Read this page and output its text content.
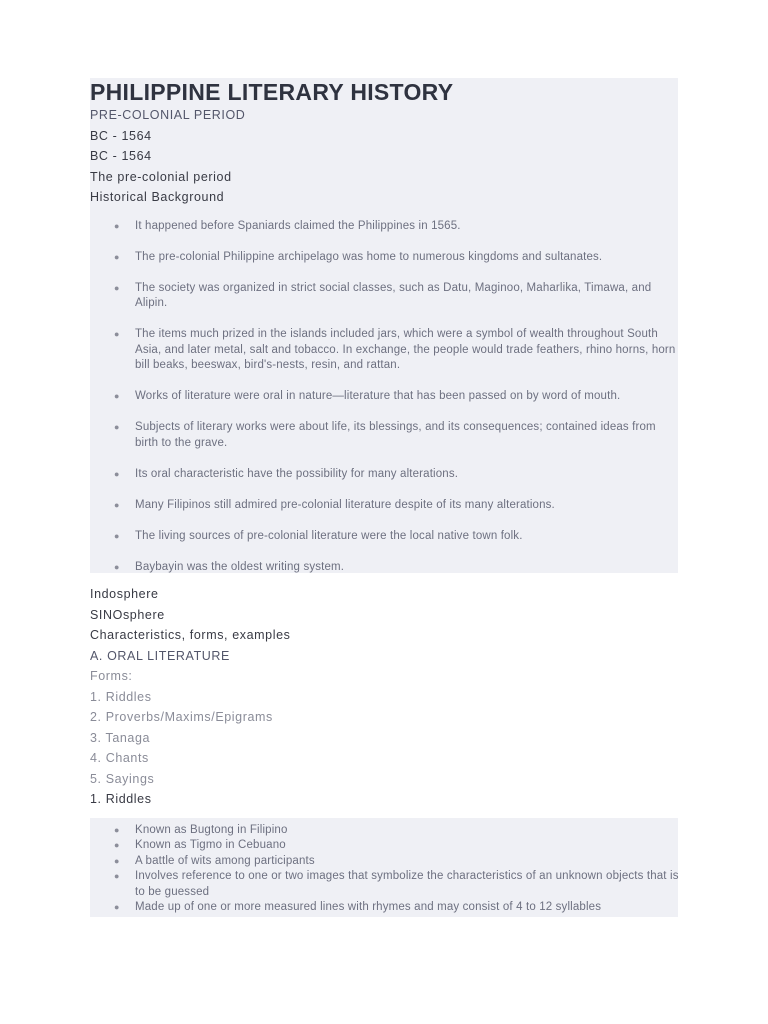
PHILIPPINE LITERARY HISTORY
PRE-COLONIAL PERIOD
BC - 1564
BC - 1564
The pre-colonial period
Historical Background
● It happened before Spaniards claimed the Philippines in 1565.
● The pre-colonial Philippine archipelago was home to numerous kingdoms and sultanates.
● The society was organized in strict social classes, such as Datu, Maginoo, Maharlika, Timawa, and Alipin.
● The items much prized in the islands included jars, which were a symbol of wealth throughout South Asia, and later metal, salt and tobacco. In exchange, the people would trade feathers, rhino horns, horn bill beaks, beeswax, bird's-nests, resin, and rattan.
● Works of literature were oral in nature—literature that has been passed on by word of mouth.
● Subjects of literary works were about life, its blessings, and its consequences; contained ideas from birth to the grave.
● Its oral characteristic have the possibility for many alterations.
● Many Filipinos still admired pre-colonial literature despite of its many alterations.
● The living sources of pre-colonial literature were the local native town folk.
● Baybayin was the oldest writing system.
Indosphere
SINOsphere
Characteristics, forms, examples
A. ORAL LITERATURE
Forms:
1. Riddles
2. Proverbs/Maxims/Epigrams
3. Tanaga
4. Chants
5. Sayings
1. Riddles
● Known as Bugtong in Filipino
● Known as Tigmo in Cebuano
● A battle of wits among participants
● Involves reference to one or two images that symbolize the characteristics of an unknown objects that is to be guessed
● Made up of one or more measured lines with rhymes and may consist of 4 to 12 syllables
